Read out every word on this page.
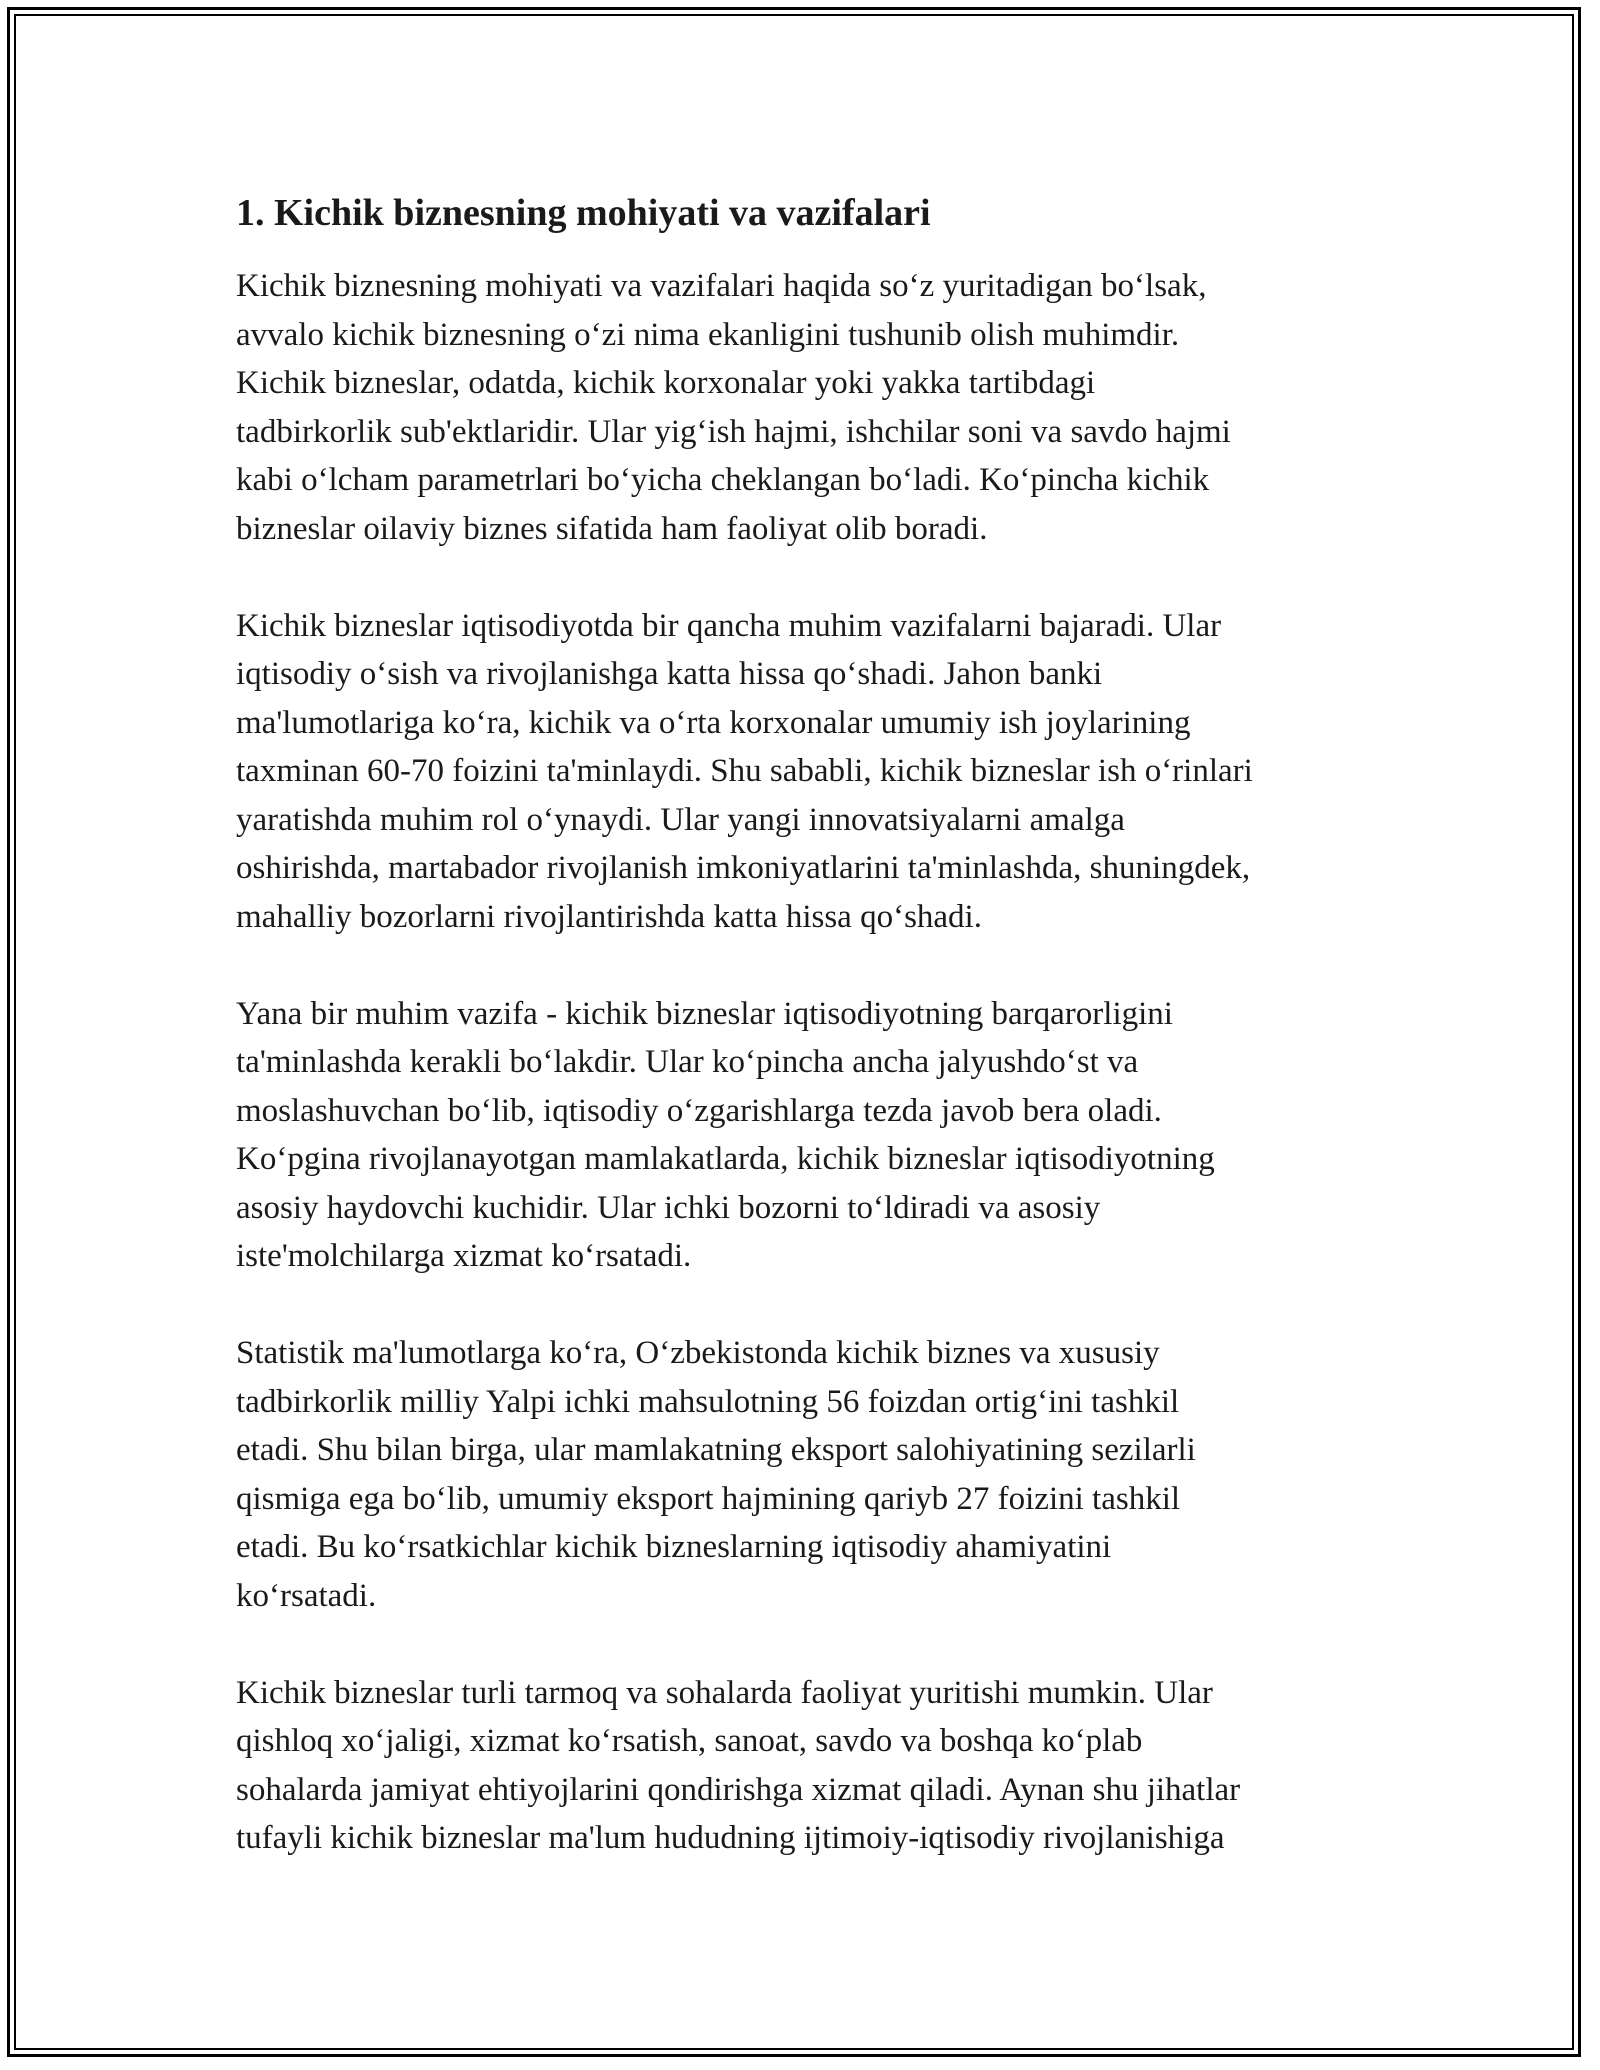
1. Kichik biznesning mohiyati va vazifalari
Kichik biznesning mohiyati va vazifalari haqida so‘z yuritadigan bo‘lsak,
avvalo kichik biznesning o‘zi nima ekanligini tushunib olish muhimdir.
Kichik bizneslar, odatda, kichik korxonalar yoki yakka tartibdagi
tadbirkorlik sub'ektlaridir. Ular yig‘ish hajmi, ishchilar soni va savdo hajmi
kabi o‘lcham parametrlari bo‘yicha cheklangan bo‘ladi. Ko‘pincha kichik
bizneslar oilaviy biznes sifatida ham faoliyat olib boradi.
Kichik bizneslar iqtisodiyotda bir qancha muhim vazifalarni bajaradi. Ular
iqtisodiy o‘sish va rivojlanishga katta hissa qo‘shadi. Jahon banki
ma'lumotlariga ko‘ra, kichik va o‘rta korxonalar umumiy ish joylarining
taxminan 60-70 foizini ta'minlaydi. Shu sababli, kichik bizneslar ish o‘rinlari
yaratishda muhim rol o‘ynaydi. Ular yangi innovatsiyalarni amalga
oshirishda, martabador rivojlanish imkoniyatlarini ta'minlashda, shuningdek,
mahalliy bozorlarni rivojlantirishda katta hissa qo‘shadi.
Yana bir muhim vazifa - kichik bizneslar iqtisodiyotning barqarorligini
ta'minlashda kerakli bo‘lakdir. Ular ko‘pincha ancha jalyushdo‘st va
moslashuvchan bo‘lib, iqtisodiy o‘zgarishlarga tezda javob bera oladi.
Ko‘pgina rivojlanayotgan mamlakatlarda, kichik bizneslar iqtisodiyotning
asosiy haydovchi kuchidir. Ular ichki bozorni to‘ldiradi va asosiy
iste'molchilarga xizmat ko‘rsatadi.
Statistik ma'lumotlarga ko‘ra, O‘zbekistonda kichik biznes va xususiy
tadbirkorlik milliy Yalpi ichki mahsulotning 56 foizdan ortig‘ini tashkil
etadi. Shu bilan birga, ular mamlakatning eksport salohiyatining sezilarli
qismiga ega bo‘lib, umumiy eksport hajmining qariyb 27 foizini tashkil
etadi. Bu ko‘rsatkichlar kichik bizneslarning iqtisodiy ahamiyatini
ko‘rsatadi.
Kichik bizneslar turli tarmoq va sohalarda faoliyat yuritishi mumkin. Ular
qishloq xo‘jaligi, xizmat ko‘rsatish, sanoat, savdo va boshqa ko‘plab
sohalarda jamiyat ehtiyojlarini qondirishga xizmat qiladi. Aynan shu jihatlar
tufayli kichik bizneslar ma'lum hududning ijtimoiy-iqtisodiy rivojlanishiga
